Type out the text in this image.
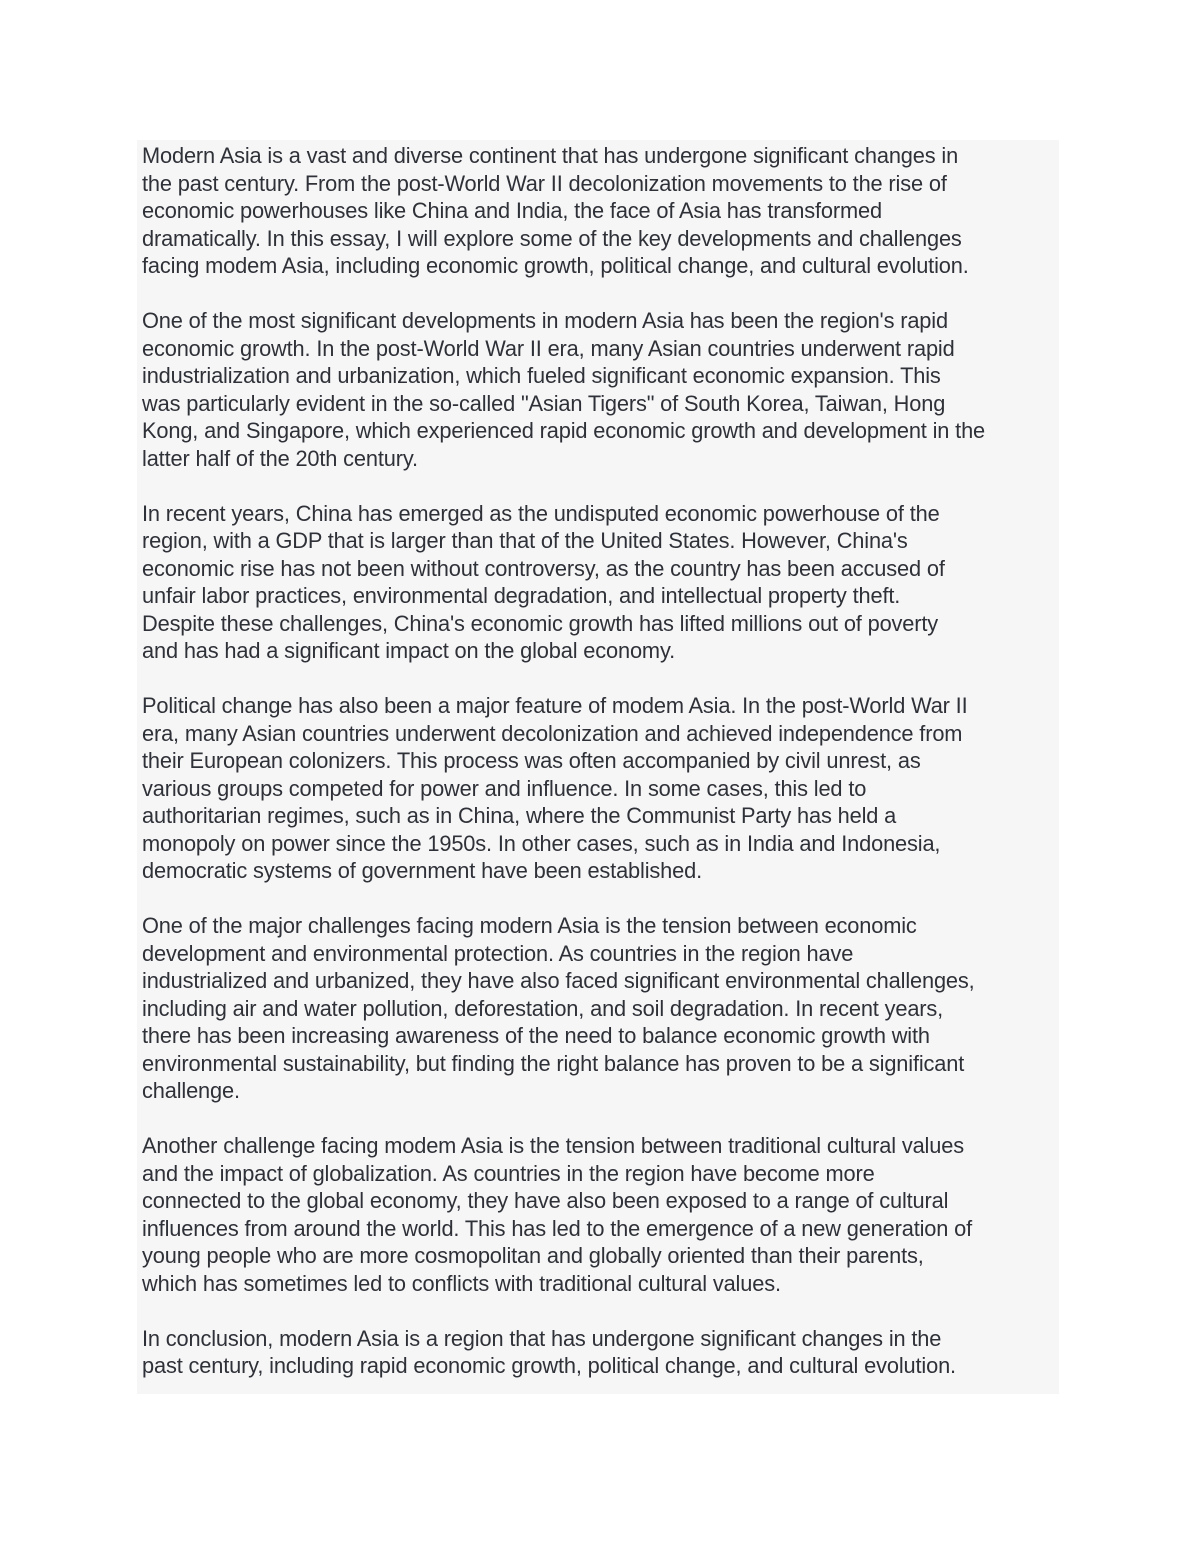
Modern Asia is a vast and diverse continent that has undergone significant changes in
the past century. From the post-World War II decolonization movements to the rise of
economic powerhouses like China and India, the face of Asia has transformed
dramatically. In this essay, I will explore some of the key developments and challenges
facing modem Asia, including economic growth, political change, and cultural evolution.
One of the most significant developments in modern Asia has been the region's rapid
economic growth. In the post-World War II era, many Asian countries underwent rapid
industrialization and urbanization, which fueled significant economic expansion. This
was particularly evident in the so-called "Asian Tigers" of South Korea, Taiwan, Hong
Kong, and Singapore, which experienced rapid economic growth and development in the
latter half of the 20th century.
In recent years, China has emerged as the undisputed economic powerhouse of the
region, with a GDP that is larger than that of the United States. However, China's
economic rise has not been without controversy, as the country has been accused of
unfair labor practices, environmental degradation, and intellectual property theft.
Despite these challenges, China's economic growth has lifted millions out of poverty
and has had a significant impact on the global economy.
Political change has also been a major feature of modem Asia. In the post-World War II
era, many Asian countries underwent decolonization and achieved independence from
their European colonizers. This process was often accompanied by civil unrest, as
various groups competed for power and influence. In some cases, this led to
authoritarian regimes, such as in China, where the Communist Party has held a
monopoly on power since the 1950s. In other cases, such as in India and Indonesia,
democratic systems of government have been established.
One of the major challenges facing modern Asia is the tension between economic
development and environmental protection. As countries in the region have
industrialized and urbanized, they have also faced significant environmental challenges,
including air and water pollution, deforestation, and soil degradation. In recent years,
there has been increasing awareness of the need to balance economic growth with
environmental sustainability, but finding the right balance has proven to be a significant
challenge.
Another challenge facing modem Asia is the tension between traditional cultural values
and the impact of globalization. As countries in the region have become more
connected to the global economy, they have also been exposed to a range of cultural
influences from around the world. This has led to the emergence of a new generation of
young people who are more cosmopolitan and globally oriented than their parents,
which has sometimes led to conflicts with traditional cultural values.
In conclusion, modern Asia is a region that has undergone significant changes in the
past century, including rapid economic growth, political change, and cultural evolution.
